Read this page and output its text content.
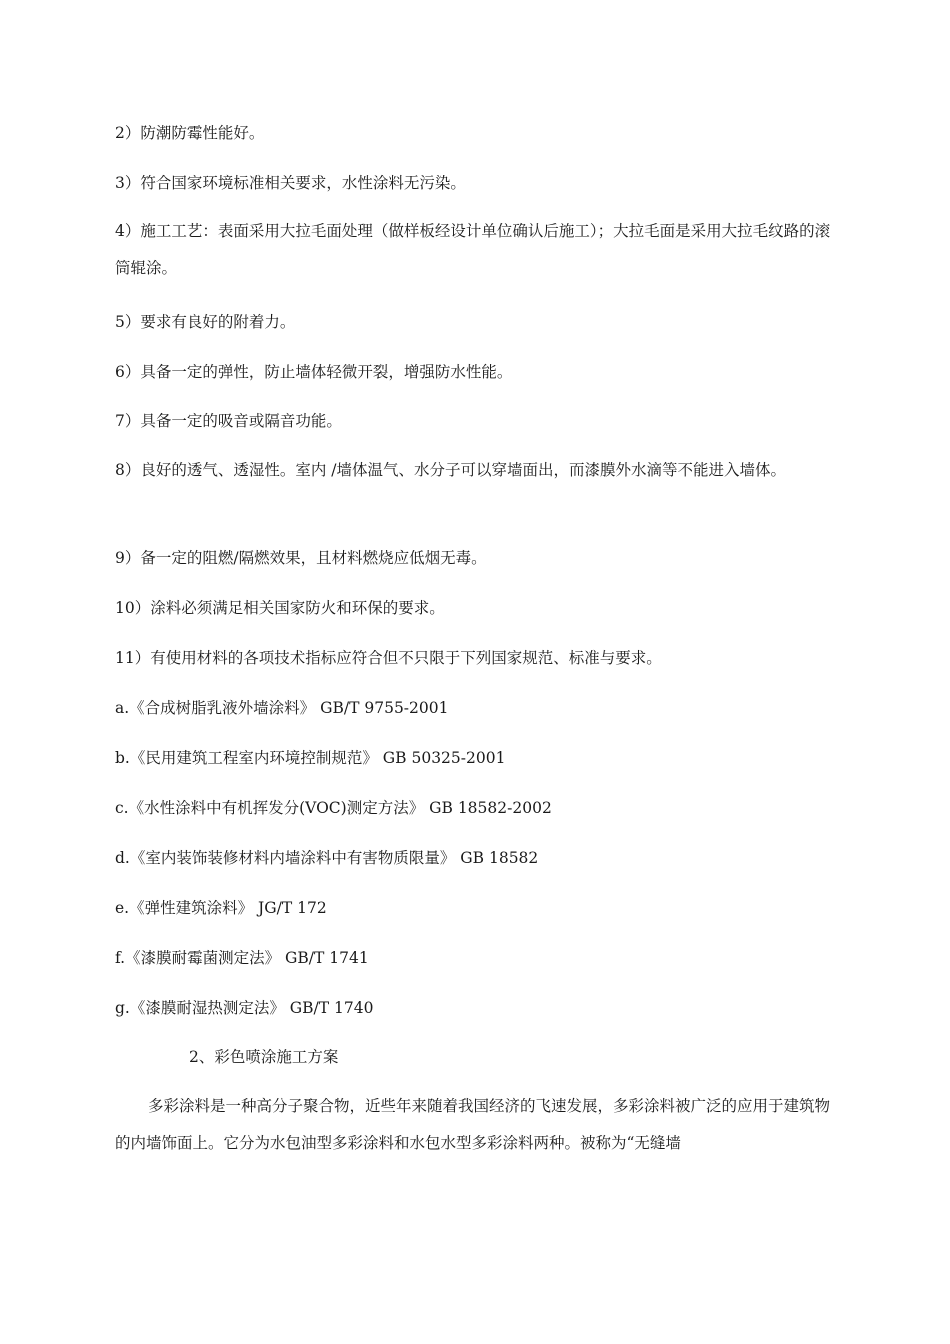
2）防潮防霉性能好。
3）符合国家环境标准相关要求，水性涂料无污染。
4）施工工艺：表面采用大拉毛面处理（做样板经设计单位确认后施工）；大拉毛面是采用大拉毛纹路的滚筒辊涂。
5）要求有良好的附着力。
6）具备一定的弹性，防止墙体轻微开裂，增强防水性能。
7）具备一定的吸音或隔音功能。
8）良好的透气、透湿性。室内 /墙体温气、水分子可以穿墙面出，而漆膜外水滴等不能进入墙体。
9）备一定的阻燃/隔燃效果，且材料燃烧应低烟无毒。
10）涂料必须满足相关国家防火和环保的要求。
11）有使用材料的各项技术指标应符合但不只限于下列国家规范、标准与要求。
a.《合成树脂乳液外墙涂料》 GB/T 9755-2001
b.《民用建筑工程室内环境控制规范》 GB 50325-2001
c.《水性涂料中有机挥发分(VOC)测定方法》 GB 18582-2002
d.《室内装饰装修材料内墙涂料中有害物质限量》 GB 18582
e.《弹性建筑涂料》 JG/T 172
f.《漆膜耐霉菌测定法》 GB/T 1741
g.《漆膜耐湿热测定法》 GB/T 1740
2、彩色喷涂施工方案
多彩涂料是一种高分子聚合物，近些年来随着我国经济的飞速发展，多彩涂料被广泛的应用于建筑物的内墙饰面上。它分为水包油型多彩涂料和水包水型多彩涂料两种。被称为“无缝墙
